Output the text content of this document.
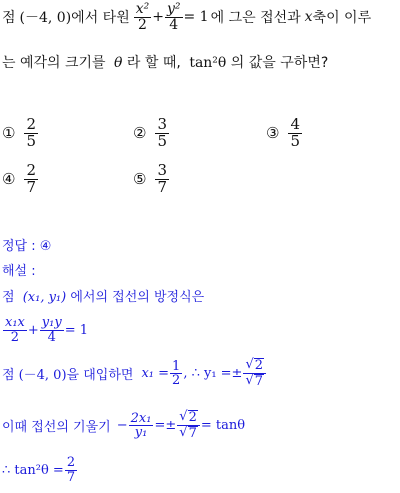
점 (－4, 0) 에서 타원 $\frac{\text{x²}}{2} + \frac{\text{y²}}{4} = 1$ 에 그은 접선과 x 축이 이루
는 예각의 크기를 θ 라 할 때, tan²θ 의 값을 구하면?
① $\frac{2}{5}$	② $\frac{3}{5}$	③ $\frac{4}{5}$
④ $\frac{2}{7}$	⑤ $\frac{3}{7}$
정답 : ④
해설 :
점 (x₁, y₁) 에서의 접선의 방정식은
$\frac{\text{x₁x}}{2} + \frac{\text{y₁y}}{4} = 1$
점 (－4, 0) 을 대입하면 $x_1 = \frac{1}{2}$ , ∴ $y_1 =\pm \frac{√ 2}{√ 7}$
이때 접선의 기울기 − $\frac{\text{2x₁}}{\text{y₁}} =\pm \frac{√ 2}{√ 7} = \tan\theta$
∴ $\tan^2\theta = \frac{2}{7}$
